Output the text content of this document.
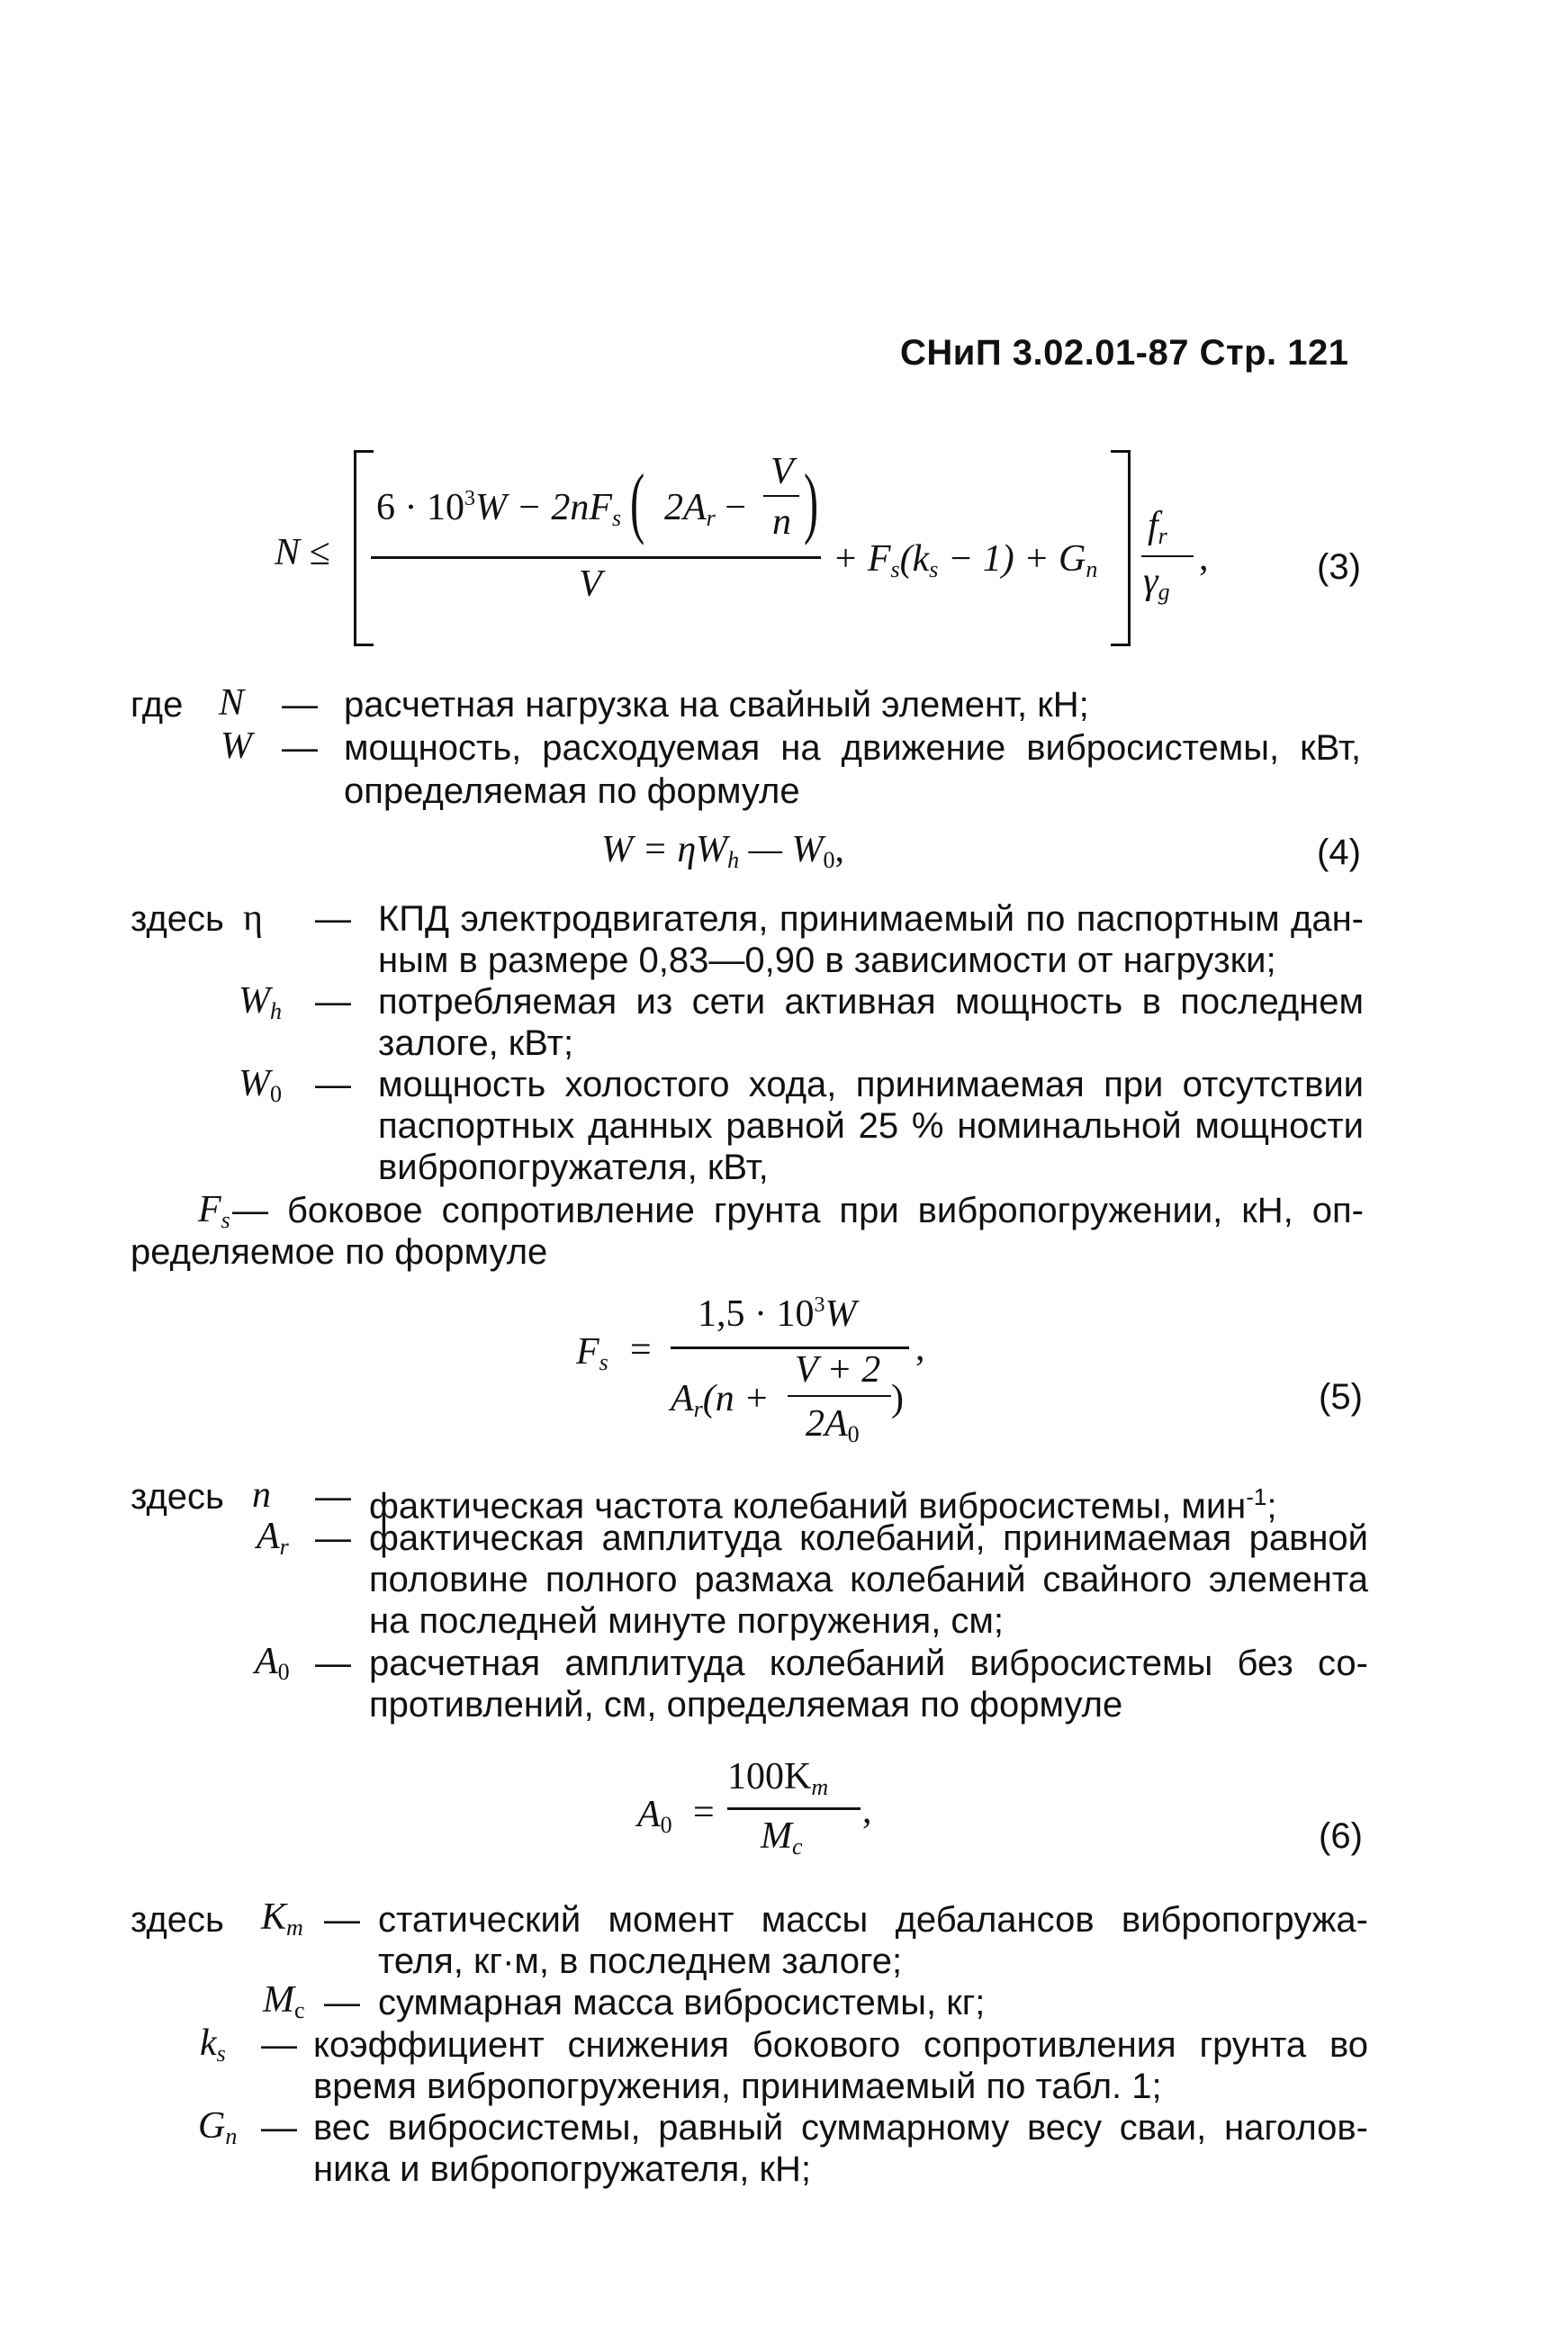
СНиП 3.02.01-87 Стр. 121
N ≤
$6 \cdot 10^3W - 2nF_s$ ( $2A_r$ −
V
n )
V
+ $F_s(k_s - 1) + G_n$
$f_r$
$\gamma_g$
,	(3)
где N — расчетная нагрузка на свайный элемент, кН;
W — мощность, расходуемая на движение вибросистемы, кВт,
определяемая по формуле
$W = \eta W_h$ — $W_0$,	(4)
здесь η — КПД электродвигателя, принимаемый по паспортным дан-
ным в размере 0,83—0,90 в зависимости от нагрузки;
$W_h$ — потребляемая из сети активная мощность в последнем
залоге, кВт;
$W_0$ — мощность холостого хода, принимаемая при отсутствии
паспортных данных равной 25 % номинальной мощности
вибропогружателя, кВт,
$F_s$ — боковое сопротивление грунта при вибропогружении, кН, оп-
ределяемое по формуле
$F_s$ =
$1,5 \cdot 10^3W$
$A_r(n$ +
V + 2
$2A_0$
)
,
(5)
здесь n — фактическая частота колебаний вибросистемы, мин$^{-1}$;
$A_r$ — фактическая амплитуда колебаний, принимаемая равной
половине полного размаха колебаний свайного элемента
на последней минуте погружения, см;
$A_0$ — расчетная амплитуда колебаний вибросистемы без со-
противлений, см, определяемая по формуле
$A_0$ =
$100K_m$
$M_c$
,
(6)
здесь $K_m$ — статический момент массы дебалансов вибропогружа-
теля, кг·м, в последнем залоге;
$M_c$ — суммарная масса вибросистемы, кг;
$k_s$ — коэффициент снижения бокового сопротивления грунта во
время вибропогружения, принимаемый по табл. 1;
$G_n$ — вес вибросистемы, равный суммарному весу сваи, наголов-
ника и вибропогружателя, кН;
